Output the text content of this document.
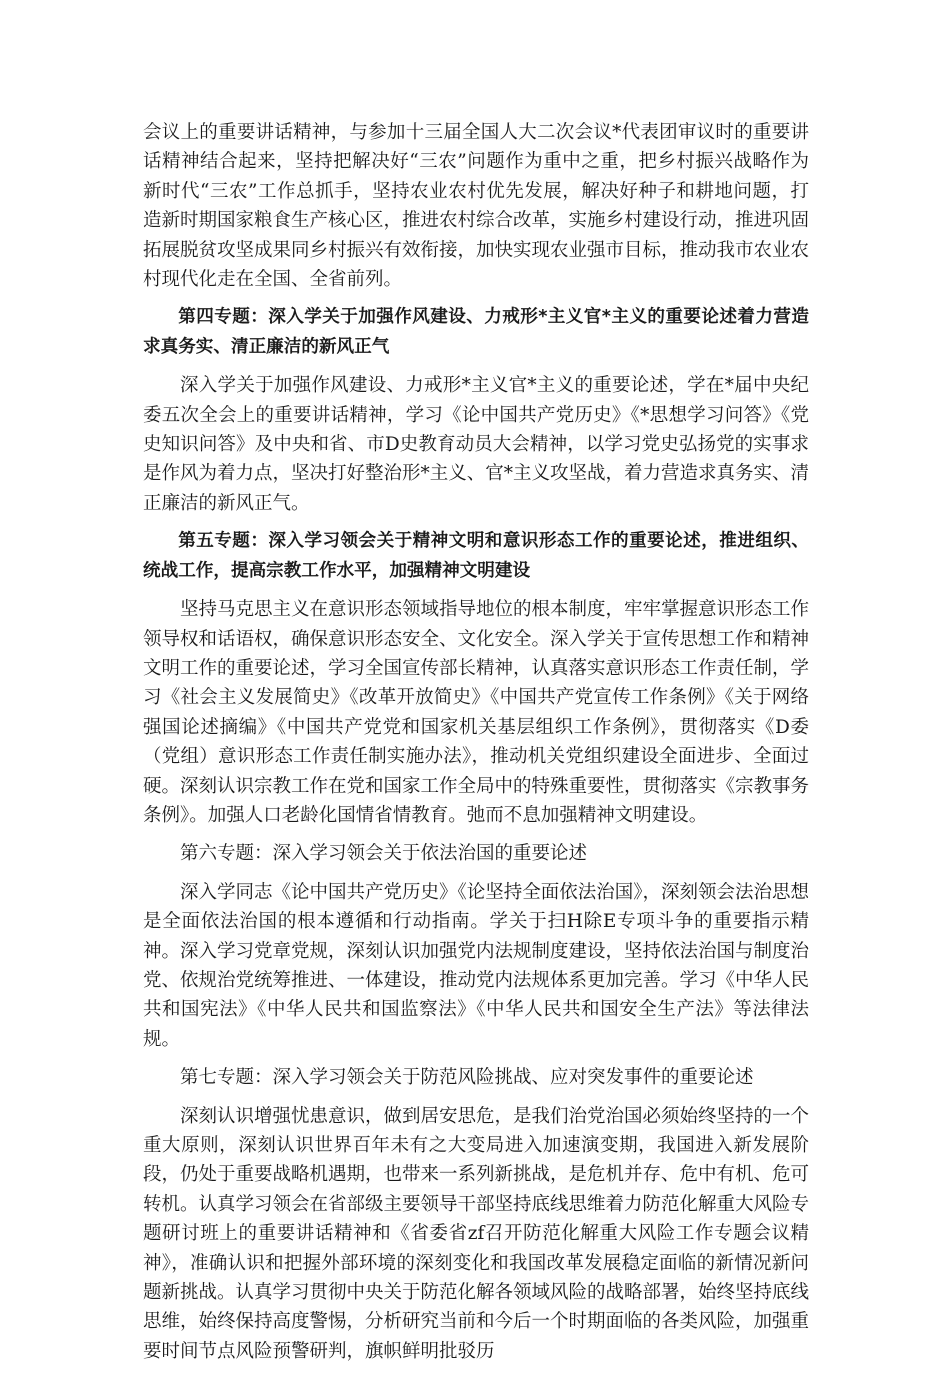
会议上的重要讲话精神，与参加十三届全国人大二次会议*代表团审议时的重要讲话精神结合起来，坚持把解决好“三农”问题作为重中之重，把乡村振兴战略作为新时代“三农”工作总抓手，坚持农业农村优先发展，解决好种子和耕地问题，打造新时期国家粮食生产核心区，推进农村综合改革，实施乡村建设行动，推进巩固拓展脱贫攻坚成果同乡村振兴有效衔接，加快实现农业强市目标，推动我市农业农村现代化走在全国、全省前列。

第四专题：深入学关于加强作风建设、力戒形*主义官*主义的重要论述着力营造求真务实、清正廉洁的新风正气

深入学关于加强作风建设、力戒形*主义官*主义的重要论述，学在*届中央纪委五次全会上的重要讲话精神，学习《论中国共产党历史》《*思想学习问答》《党史知识问答》及中央和省、市D史教育动员大会精神，以学习党史弘扬党的实事求是作风为着力点，坚决打好整治形*主义、官*主义攻坚战，着力营造求真务实、清正廉洁的新风正气。

第五专题：深入学习领会关于精神文明和意识形态工作的重要论述，推进组织、统战工作，提高宗教工作水平，加强精神文明建设

坚持马克思主义在意识形态领域指导地位的根本制度，牢牢掌握意识形态工作领导权和话语权，确保意识形态安全、文化安全。深入学关于宣传思想工作和精神文明工作的重要论述，学习全国宣传部长精神，认真落实意识形态工作责任制，学习《社会主义发展简史》《改革开放简史》《中国共产党宣传工作条例》《关于网络强国论述摘编》《中国共产党党和国家机关基层组织工作条例》，贯彻落实《D委（党组）意识形态工作责任制实施办法》，推动机关党组织建设全面进步、全面过硬。深刻认识宗教工作在党和国家工作全局中的特殊重要性，贯彻落实《宗教事务条例》。加强人口老龄化国情省情教育。弛而不息加强精神文明建设。

第六专题：深入学习领会关于依法治国的重要论述

深入学同志《论中国共产党历史》《论坚持全面依法治国》，深刻领会法治思想是全面依法治国的根本遵循和行动指南。学关于扫H除E专项斗争的重要指示精神。深入学习党章党规，深刻认识加强党内法规制度建设，坚持依法治国与制度治党、依规治党统筹推进、一体建设，推动党内法规体系更加完善。学习《中华人民共和国宪法》《中华人民共和国监察法》《中华人民共和国安全生产法》等法律法规。

第七专题：深入学习领会关于防范风险挑战、应对突发事件的重要论述

深刻认识增强忧患意识，做到居安思危，是我们治党治国必须始终坚持的一个重大原则，深刻认识世界百年未有之大变局进入加速演变期，我国进入新发展阶段，仍处于重要战略机遇期，也带来一系列新挑战，是危机并存、危中有机、危可转机。认真学习领会在省部级主要领导干部坚持底线思维着力防范化解重大风险专题研讨班上的重要讲话精神和《省委省zf召开防范化解重大风险工作专题会议精神》，准确认识和把握外部环境的深刻变化和我国改革发展稳定面临的新情况新问题新挑战。认真学习贯彻中央关于防范化解各领域风险的战略部署，始终坚持底线思维，始终保持高度警惕，分析研究当前和今后一个时期面临的各类风险，加强重要时间节点风险预警研判，旗帜鲜明批驳历
